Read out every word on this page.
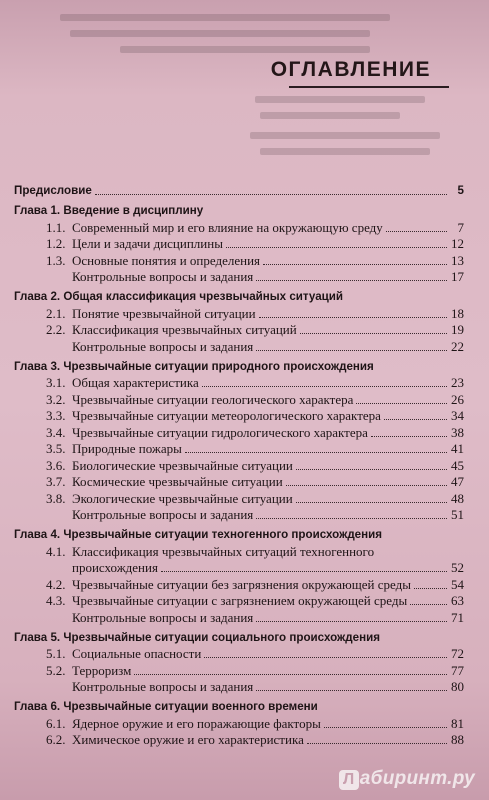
ОГЛАВЛЕНИЕ
Предисловие	5
Глава 1. Введение в дисциплину
1.1. Современный мир и его влияние на окружающую среду	7
1.2. Цели и задачи дисциплины	12
1.3. Основные понятия и определения	13
Контрольные вопросы и задания	17
Глава 2. Общая классификация чрезвычайных ситуаций
2.1. Понятие чрезвычайной ситуации	18
2.2. Классификация чрезвычайных ситуаций	19
Контрольные вопросы и задания	22
Глава 3. Чрезвычайные ситуации природного происхождения
3.1. Общая характеристика	23
3.2. Чрезвычайные ситуации геологического характера	26
3.3. Чрезвычайные ситуации метеорологического характера	34
3.4. Чрезвычайные ситуации гидрологического характера	38
3.5. Природные пожары	41
3.6. Биологические чрезвычайные ситуации	45
3.7. Космические чрезвычайные ситуации	47
3.8. Экологические чрезвычайные ситуации	48
Контрольные вопросы и задания	51
Глава 4. Чрезвычайные ситуации техногенного происхождения
4.1. Классификация чрезвычайных ситуаций техногенного
происхождения	52
4.2. Чрезвычайные ситуации без загрязнения окружающей среды	54
4.3. Чрезвычайные ситуации с загрязнением окружающей среды	63
Контрольные вопросы и задания	71
Глава 5. Чрезвычайные ситуации социального происхождения
5.1. Социальные опасности	72
5.2. Терроризм	77
Контрольные вопросы и задания	80
Глава 6. Чрезвычайные ситуации военного времени
6.1. Ядерное оружие и его поражающие факторы	81
6.2. Химическое оружие и его характеристика	88
Л абиринт.ру
